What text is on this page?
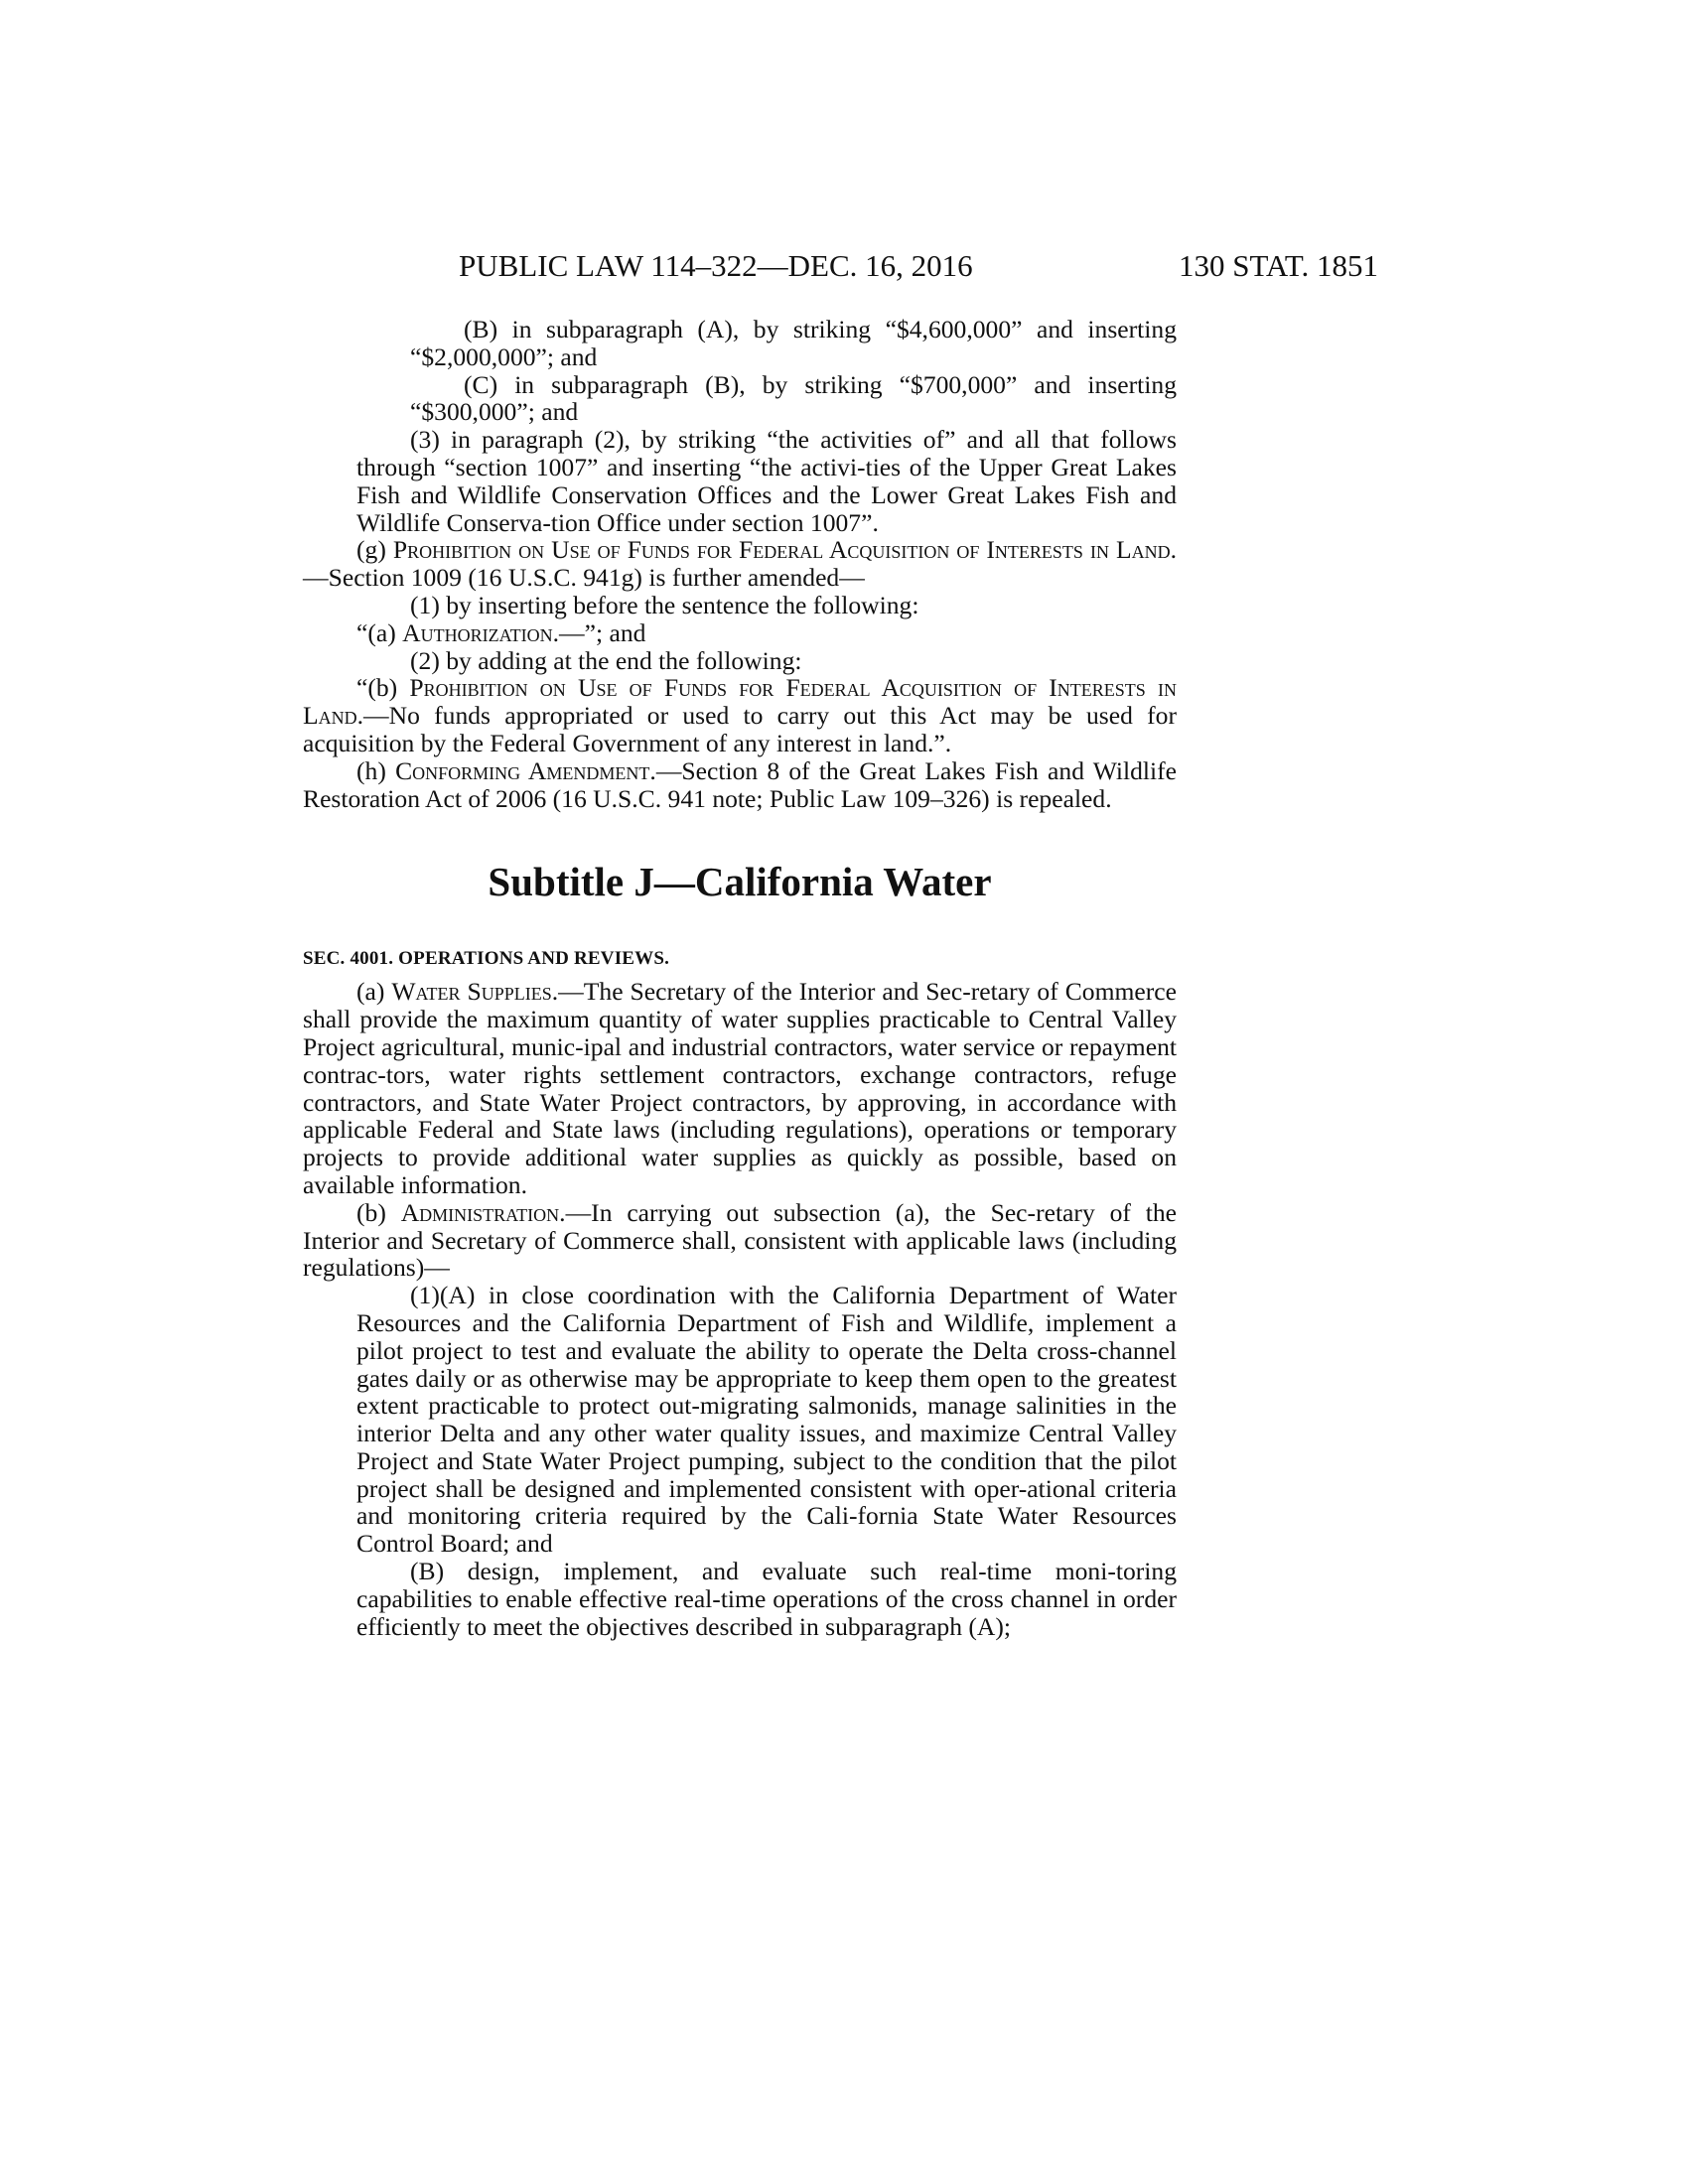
PUBLIC LAW 114–322—DEC. 16, 2016	130 STAT. 1851

(B) in subparagraph (A), by striking “$4,600,000” and inserting “$2,000,000”; and

(C) in subparagraph (B), by striking “$700,000” and inserting “$300,000”; and

(3) in paragraph (2), by striking “the activities of” and all that follows through “section 1007” and inserting “the activi-ties of the Upper Great Lakes Fish and Wildlife Conservation Offices and the Lower Great Lakes Fish and Wildlife Conserva-tion Office under section 1007”.

(g) Prohibition on Use of Funds for Federal Acquisition of Interests in Land.—Section 1009 (16 U.S.C. 941g) is further amended—

(1) by inserting before the sentence the following:

“(a) Authorization.—”; and

(2) by adding at the end the following:

“(b) Prohibition on Use of Funds for Federal Acquisition of Interests in Land.—No funds appropriated or used to carry out this Act may be used for acquisition by the Federal Government of any interest in land.”.

(h) Conforming Amendment.—Section 8 of the Great Lakes Fish and Wildlife Restoration Act of 2006 (16 U.S.C. 941 note; Public Law 109–326) is repealed.

Subtitle J—California Water
SEC. 4001. OPERATIONS AND REVIEWS.

(a) Water Supplies.—The Secretary of the Interior and Sec-retary of Commerce shall provide the maximum quantity of water supplies practicable to Central Valley Project agricultural, munic-ipal and industrial contractors, water service or repayment contrac-tors, water rights settlement contractors, exchange contractors, refuge contractors, and State Water Project contractors, by approving, in accordance with applicable Federal and State laws (including regulations), operations or temporary projects to provide additional water supplies as quickly as possible, based on available information.

(b) Administration.—In carrying out subsection (a), the Sec-retary of the Interior and Secretary of Commerce shall, consistent with applicable laws (including regulations)—

(1)(A) in close coordination with the California Department of Water Resources and the California Department of Fish and Wildlife, implement a pilot project to test and evaluate the ability to operate the Delta cross-channel gates daily or as otherwise may be appropriate to keep them open to the greatest extent practicable to protect out-migrating salmonids, manage salinities in the interior Delta and any other water quality issues, and maximize Central Valley Project and State Water Project pumping, subject to the condition that the pilot project shall be designed and implemented consistent with oper-ational criteria and monitoring criteria required by the Cali-fornia State Water Resources Control Board; and

(B) design, implement, and evaluate such real-time moni-toring capabilities to enable effective real-time operations of the cross channel in order efficiently to meet the objectives described in subparagraph (A);
